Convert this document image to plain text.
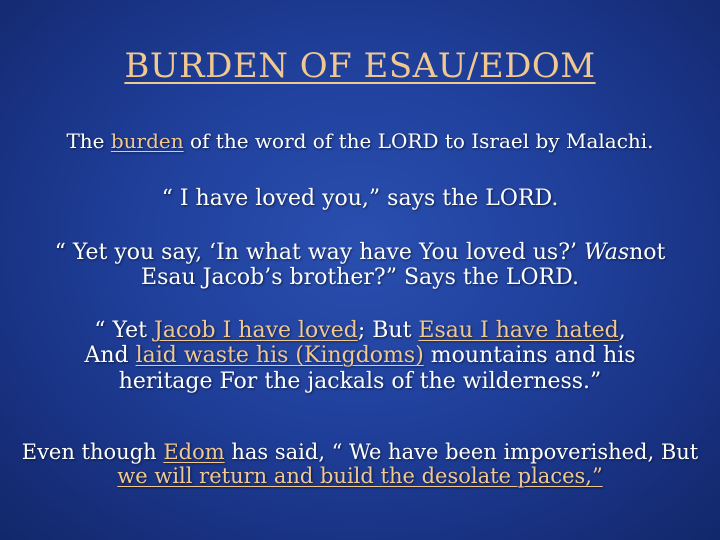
BURDEN OF ESAU/EDOM
The burden of the word of the LORD to Israel by Malachi.
“ I have loved you,” says the LORD.
“ Yet you say, ‘In what way have You loved us?’ Wasnot
Esau Jacob’s brother?” Says the LORD.
“ Yet Jacob I have loved; But Esau I have hated,
And laid waste his (Kingdoms) mountains and his
heritage For the jackals of the wilderness.”
Even though Edom has said, “ We have been impoverished, But
we will return and build the desolate places,”
